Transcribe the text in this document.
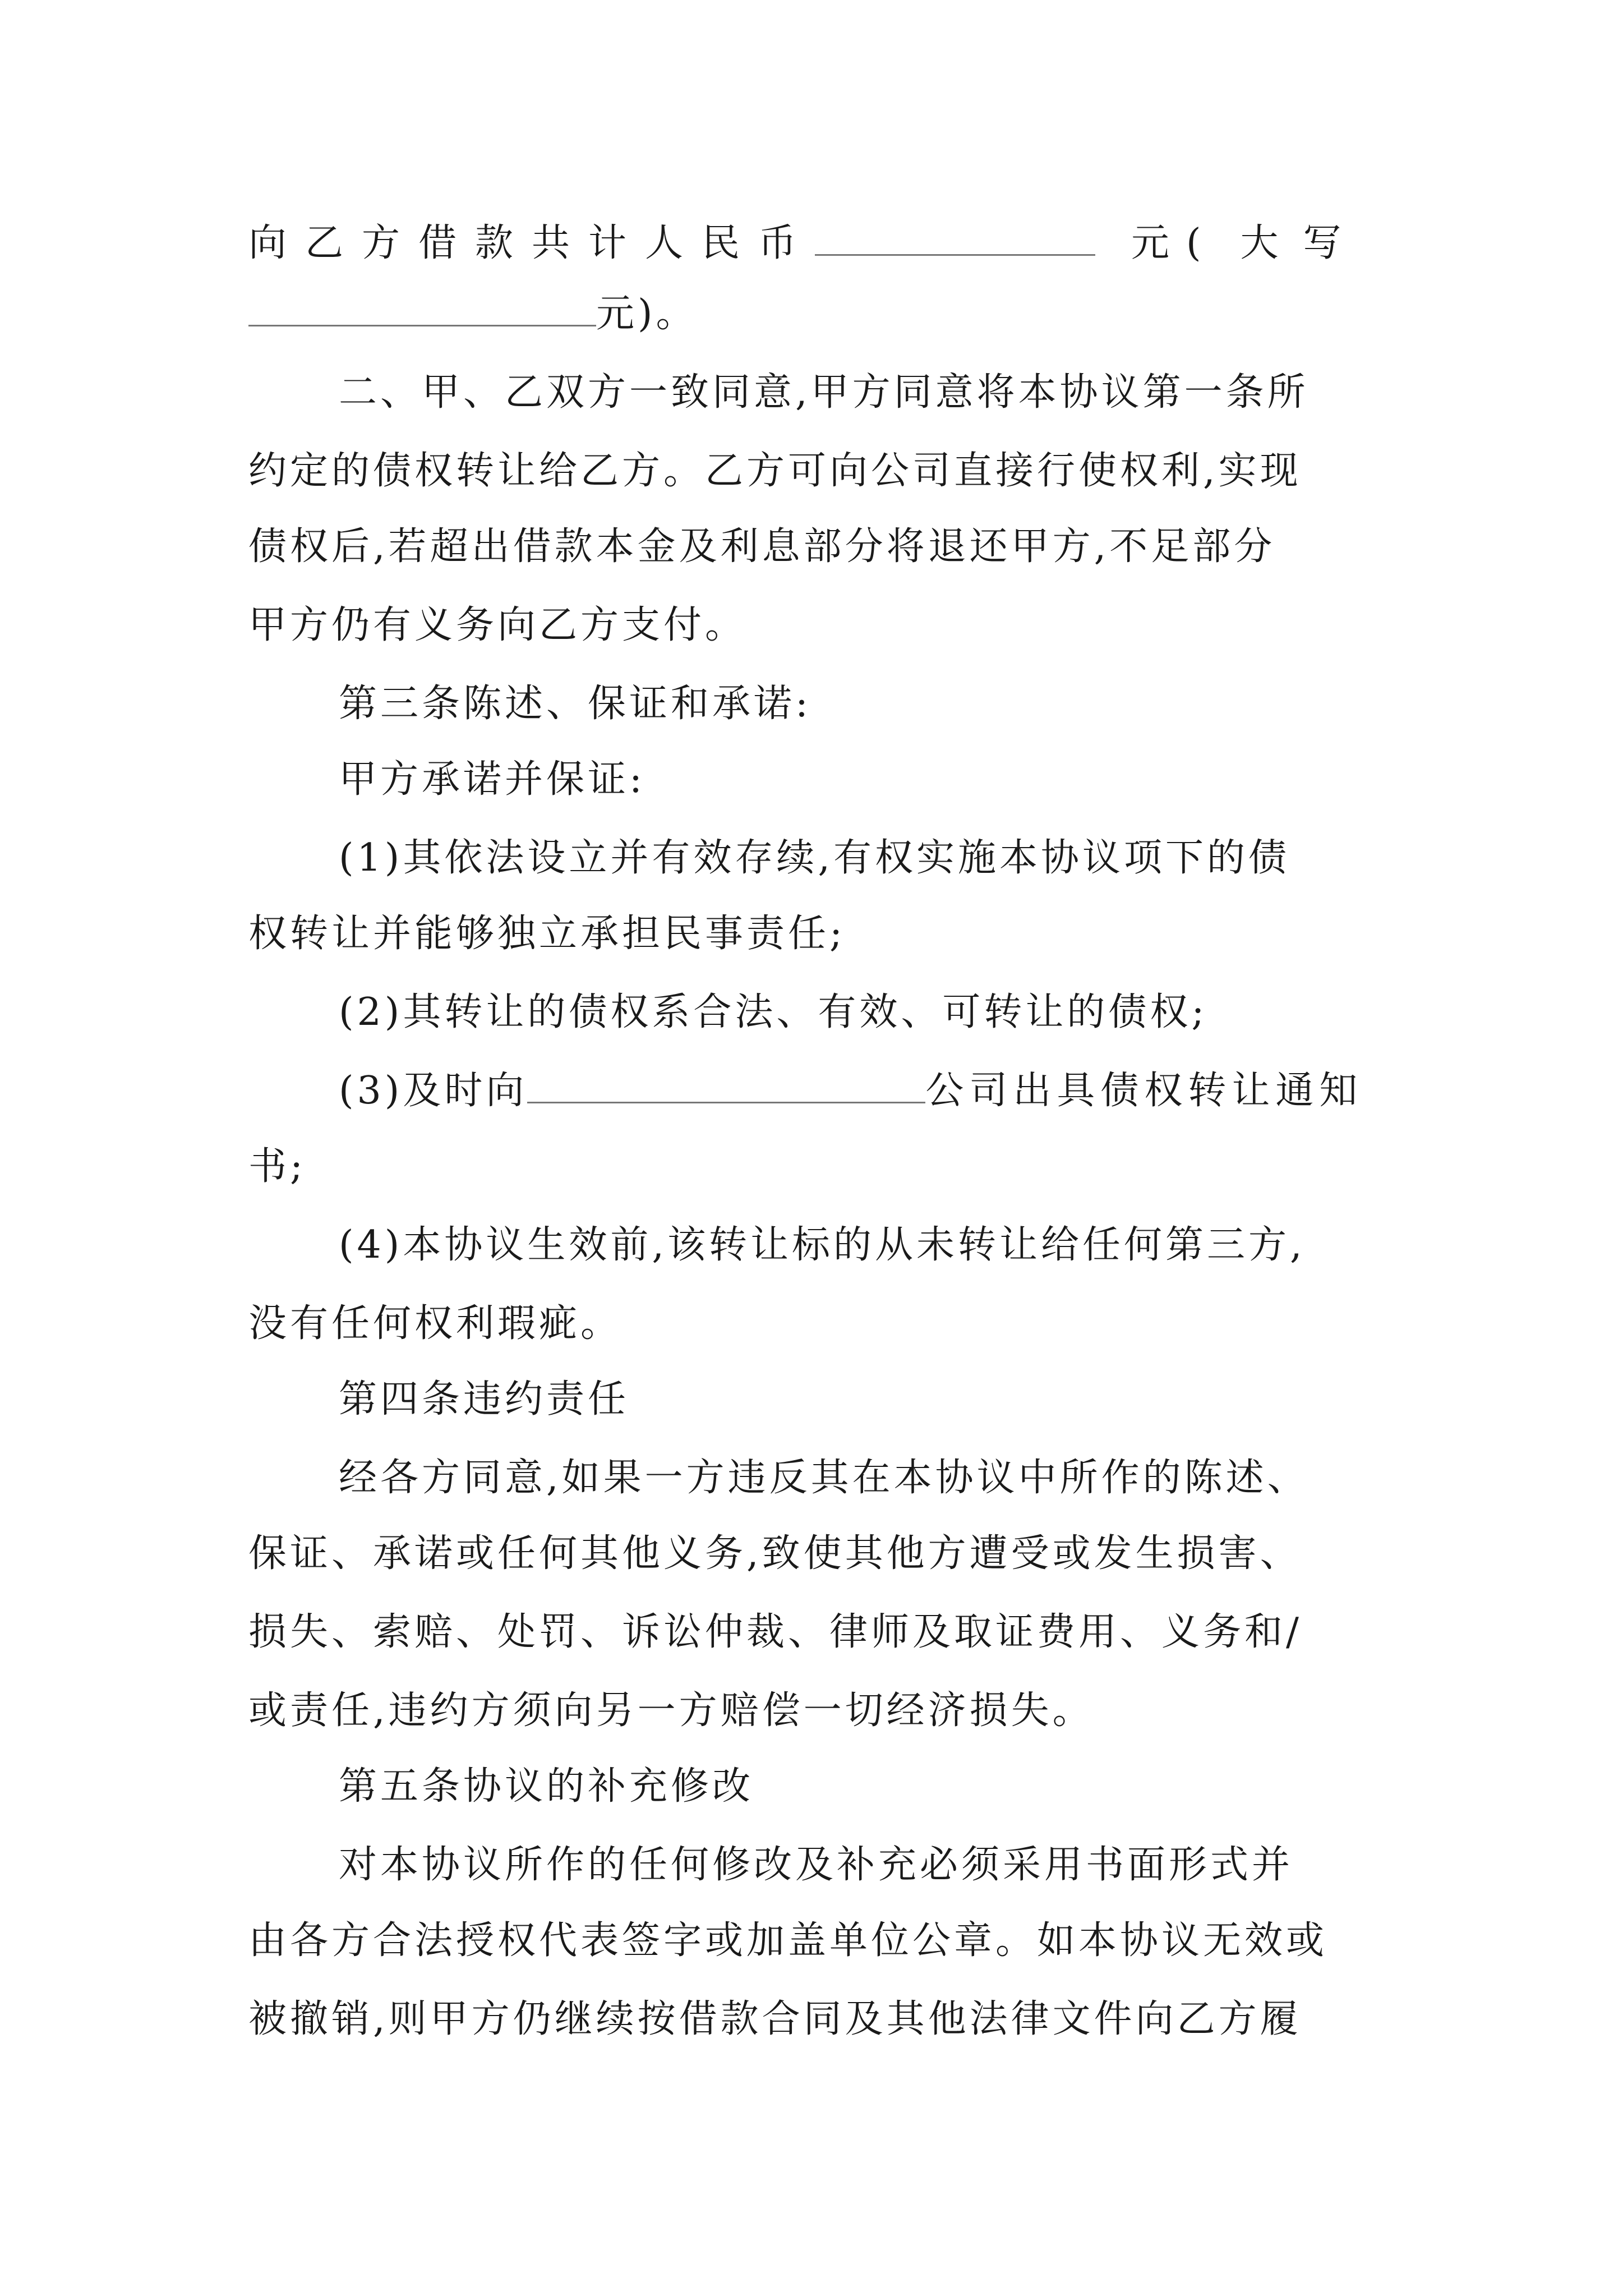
向乙方借款共计人民币	元( 大写
元)。
二、甲、乙双方一致同意,甲方同意将本协议第一条所
约定的债权转让给乙方。乙方可向公司直接行使权利,实现
债权后,若超出借款本金及利息部分将退还甲方,不足部分
甲方仍有义务向乙方支付。
第三条陈述、保证和承诺:
甲方承诺并保证:
(1)其依法设立并有效存续,有权实施本协议项下的债
权转让并能够独立承担民事责任;
(2)其转让的债权系合法、有效、可转让的债权;
(3)及时向	公司出具债权转让通知
书;
(4)本协议生效前,该转让标的从未转让给任何第三方,
没有任何权利瑕疵。
第四条违约责任
经各方同意,如果一方违反其在本协议中所作的陈述、
保证、承诺或任何其他义务,致使其他方遭受或发生损害、
损失、索赔、处罚、诉讼仲裁、律师及取证费用、义务和/
或责任,违约方须向另一方赔偿一切经济损失。
第五条协议的补充修改
对本协议所作的任何修改及补充必须采用书面形式并
由各方合法授权代表签字或加盖单位公章。如本协议无效或
被撤销,则甲方仍继续按借款合同及其他法律文件向乙方履
